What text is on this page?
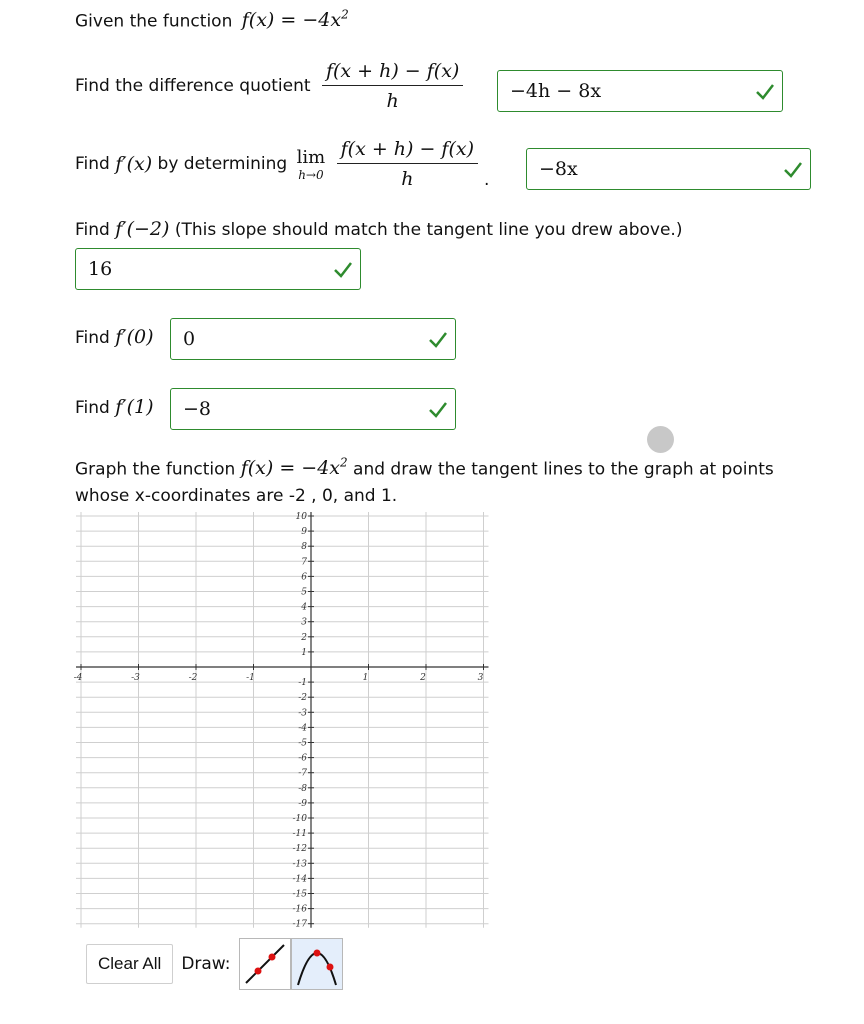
Given the function $f(x) = -4x^2$
Find the difference quotient $\frac{f(x + h) - f(x)}{h}$	−4h − 8x
Find f′(x) by determining lim
h→0
$\frac{f(x + h) - f(x)}{h}$ .	−8x
Find f′(−2) (This slope should match the tangent line you drew above.)
16
Find f′(0)	0
Find f′(1)	−8
Graph the function $f(x) = -4x^2$ and draw the tangent lines to the graph at points
whose x-coordinates are -2 , 0, and 1.
-4	-3	-2	-1	1	2	3
10
9
8
7
6
5
4
3
2
1
-1
-2
-3
-4
-5
-6
-7
-8
-9
-10
-11
-12
-13
-14
-15
-16
-17
Clear All	Draw:
